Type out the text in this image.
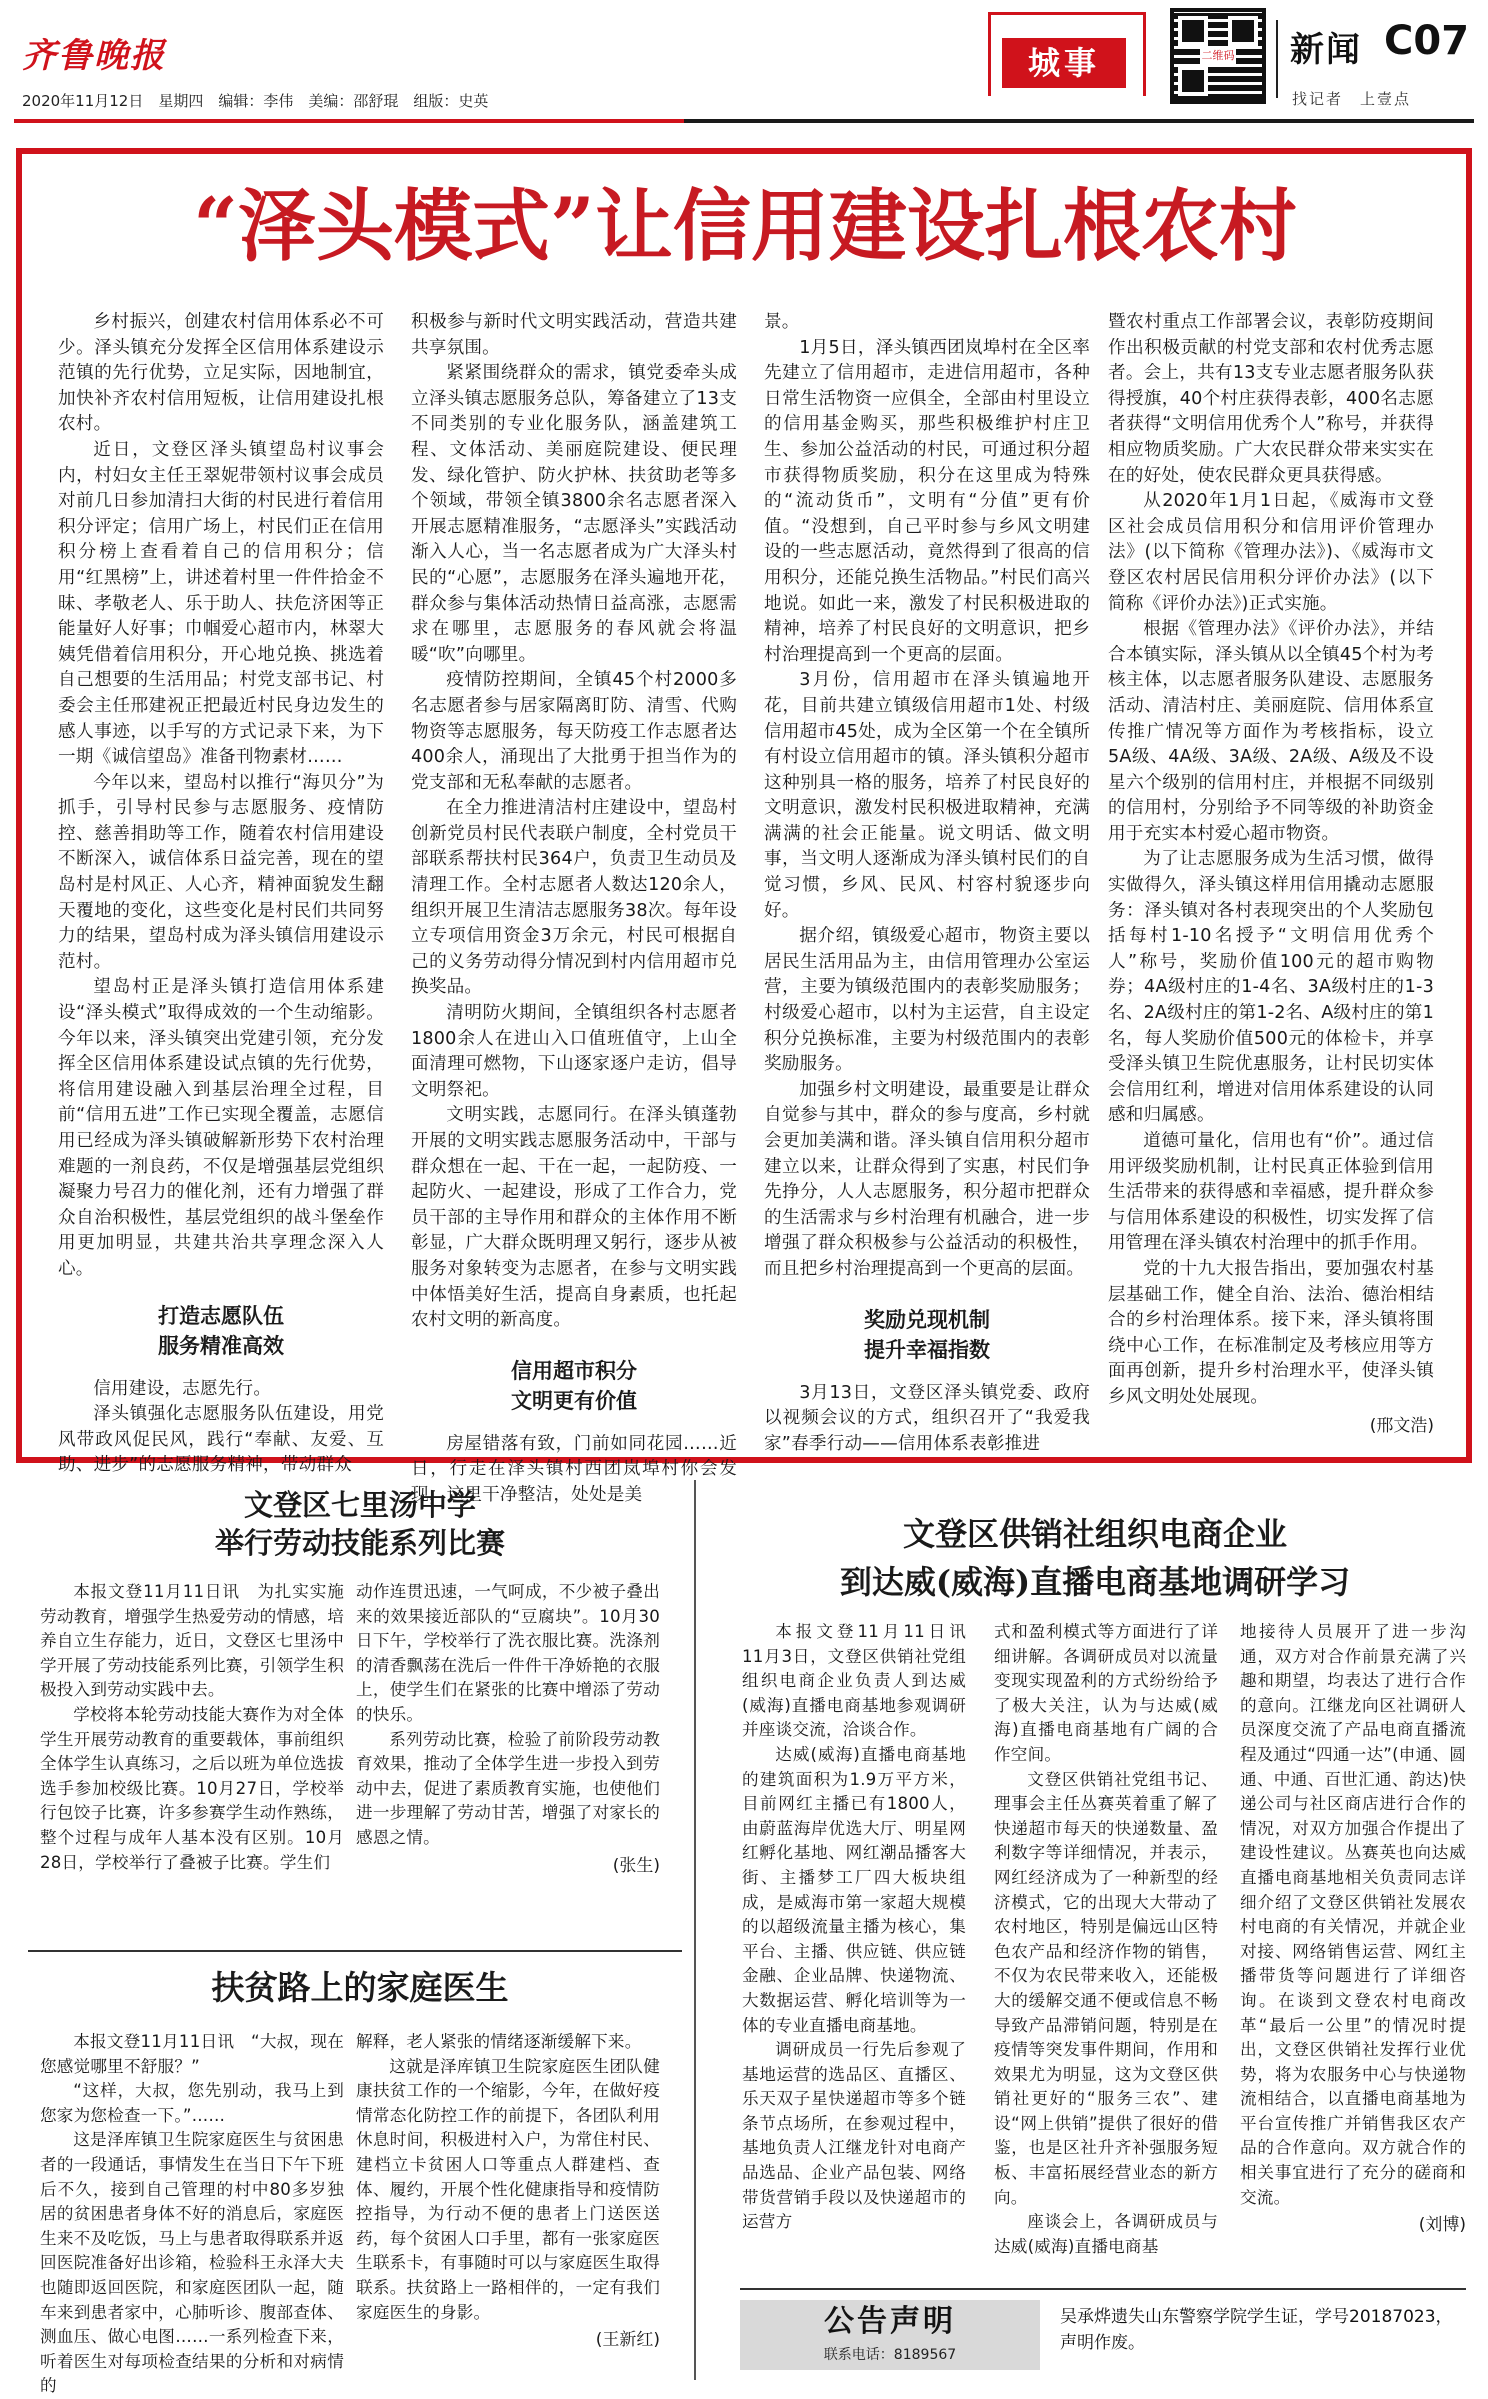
齐鲁晚报
2020年11月12日　星期四　编辑：李伟　美编：邵舒琨　组版：史英
城事	二维码 新闻 C07
找记者　上壹点
“泽头模式”让信用建设扎根农村

乡村振兴，创建农村信用体系必不可少。泽头镇充分发挥全区信用体系建设示范镇的先行优势，立足实际，因地制宜，加快补齐农村信用短板，让信用建设扎根农村。

近日，文登区泽头镇望岛村议事会内，村妇女主任王翠妮带领村议事会成员对前几日参加清扫大街的村民进行着信用积分评定；信用广场上，村民们正在信用积分榜上查看着自己的信用积分；信用“红黑榜”上，讲述着村里一件件拾金不昧、孝敬老人、乐于助人、扶危济困等正能量好人好事；巾帼爱心超市内，林翠大姨凭借着信用积分，开心地兑换、挑选着自己想要的生活用品；村党支部书记、村委会主任邢建祝正把最近村民身边发生的感人事迹，以手写的方式记录下来，为下一期《诚信望岛》准备刊物素材……

今年以来，望岛村以推行“海贝分”为抓手，引导村民参与志愿服务、疫情防控、慈善捐助等工作，随着农村信用建设不断深入，诚信体系日益完善，现在的望岛村是村风正、人心齐，精神面貌发生翻天覆地的变化，这些变化是村民们共同努力的结果，望岛村成为泽头镇信用建设示范村。

望岛村正是泽头镇打造信用体系建设“泽头模式”取得成效的一个生动缩影。今年以来，泽头镇突出党建引领，充分发挥全区信用体系建设试点镇的先行优势，将信用建设融入到基层治理全过程，目前“信用五进”工作已实现全覆盖，志愿信用已经成为泽头镇破解新形势下农村治理难题的一剂良药，不仅是增强基层党组织凝聚力号召力的催化剂，还有力增强了群众自治积极性，基层党组织的战斗堡垒作用更加明显，共建共治共享理念深入人心。

打造志愿队伍
服务精准高效

信用建设，志愿先行。

泽头镇强化志愿服务队伍建设，用党风带政风促民风，践行“奉献、友爱、互助、进步”的志愿服务精神，带动群众

积极参与新时代文明实践活动，营造共建共享氛围。

紧紧围绕群众的需求，镇党委牵头成立泽头镇志愿服务总队，筹备建立了13支不同类别的专业化服务队，涵盖建筑工程、文体活动、美丽庭院建设、便民理发、绿化管护、防火护林、扶贫助老等多个领域，带领全镇3800余名志愿者深入开展志愿精准服务，“志愿泽头”实践活动渐入人心，当一名志愿者成为广大泽头村民的“心愿”，志愿服务在泽头遍地开花，群众参与集体活动热情日益高涨，志愿需求在哪里，志愿服务的春风就会将温暖“吹”向哪里。

疫情防控期间，全镇45个村2000多名志愿者参与居家隔离盯防、清雪、代购物资等志愿服务，每天防疫工作志愿者达400余人，涌现出了大批勇于担当作为的党支部和无私奉献的志愿者。

在全力推进清洁村庄建设中，望岛村创新党员村民代表联户制度，全村党员干部联系帮扶村民364户，负责卫生动员及清理工作。全村志愿者人数达120余人，组织开展卫生清洁志愿服务38次。每年设立专项信用资金3万余元，村民可根据自己的义务劳动得分情况到村内信用超市兑换奖品。

清明防火期间，全镇组织各村志愿者1800余人在进山入口值班值守，上山全面清理可燃物，下山逐家逐户走访，倡导文明祭祀。

文明实践，志愿同行。在泽头镇蓬勃开展的文明实践志愿服务活动中，干部与群众想在一起、干在一起，一起防疫、一起防火、一起建设，形成了工作合力，党员干部的主导作用和群众的主体作用不断彰显，广大群众既明理又躬行，逐步从被服务对象转变为志愿者，在参与文明实践中体悟美好生活，提高自身素质，也托起农村文明的新高度。

信用超市积分
文明更有价值

房屋错落有致，门前如同花园……近日，行走在泽头镇村西团岚埠村你会发现，这里干净整洁，处处是美

景。

1月5日，泽头镇西团岚埠村在全区率先建立了信用超市，走进信用超市，各种日常生活物资一应俱全，全部由村里设立的信用基金购买，那些积极维护村庄卫生、参加公益活动的村民，可通过积分超市获得物质奖励，积分在这里成为特殊的“流动货币”，文明有“分值”更有价值。“没想到，自己平时参与乡风文明建设的一些志愿活动，竟然得到了很高的信用积分，还能兑换生活物品。”村民们高兴地说。如此一来，激发了村民积极进取的精神，培养了村民良好的文明意识，把乡村治理提高到一个更高的层面。

3月份，信用超市在泽头镇遍地开花，目前共建立镇级信用超市1处、村级信用超市45处，成为全区第一个在全镇所有村设立信用超市的镇。泽头镇积分超市这种别具一格的服务，培养了村民良好的文明意识，激发村民积极进取精神，充满满满的社会正能量。说文明话、做文明事，当文明人逐渐成为泽头镇村民们的自觉习惯，乡风、民风、村容村貌逐步向好。

据介绍，镇级爱心超市，物资主要以居民生活用品为主，由信用管理办公室运营，主要为镇级范围内的表彰奖励服务；村级爱心超市，以村为主运营，自主设定积分兑换标准，主要为村级范围内的表彰奖励服务。

加强乡村文明建设，最重要是让群众自觉参与其中，群众的参与度高，乡村就会更加美满和谐。泽头镇自信用积分超市建立以来，让群众得到了实惠，村民们争先挣分，人人志愿服务，积分超市把群众的生活需求与乡村治理有机融合，进一步增强了群众积极参与公益活动的积极性，而且把乡村治理提高到一个更高的层面。

奖励兑现机制
提升幸福指数

3月13日，文登区泽头镇党委、政府以视频会议的方式，组织召开了“我爱我家”春季行动——信用体系表彰推进

暨农村重点工作部署会议，表彰防疫期间作出积极贡献的村党支部和农村优秀志愿者。会上，共有13支专业志愿者服务队获得授旗，40个村庄获得表彰，400名志愿者获得“文明信用优秀个人”称号，并获得相应物质奖励。广大农民群众带来实实在在的好处，使农民群众更具获得感。

从2020年1月1日起，《威海市文登区社会成员信用积分和信用评价管理办法》(以下简称《管理办法》)、《威海市文登区农村居民信用积分评价办法》(以下简称《评价办法》)正式实施。

根据《管理办法》《评价办法》，并结合本镇实际，泽头镇从以全镇45个村为考核主体，以志愿者服务队建设、志愿服务活动、清洁村庄、美丽庭院、信用体系宣传推广情况等方面作为考核指标，设立5A级、4A级、3A级、2A级、A级及不设星六个级别的信用村庄，并根据不同级别的信用村，分别给予不同等级的补助资金用于充实本村爱心超市物资。

为了让志愿服务成为生活习惯，做得实做得久，泽头镇这样用信用撬动志愿服务：泽头镇对各村表现突出的个人奖励包括每村1-10名授予“文明信用优秀个人”称号，奖励价值100元的超市购物券；4A级村庄的1-4名、3A级村庄的1-3名、2A级村庄的第1-2名、A级村庄的第1名，每人奖励价值500元的体检卡，并享受泽头镇卫生院优惠服务，让村民切实体会信用红利，增进对信用体系建设的认同感和归属感。

道德可量化，信用也有“价”。通过信用评级奖励机制，让村民真正体验到信用生活带来的获得感和幸福感，提升群众参与信用体系建设的积极性，切实发挥了信用管理在泽头镇农村治理中的抓手作用。

党的十九大报告指出，要加强农村基层基础工作，健全自治、法治、德治相结合的乡村治理体系。接下来，泽头镇将围绕中心工作，在标准制定及考核应用等方面再创新，提升乡村治理水平，使泽头镇乡风文明处处展现。

(邢文浩)
文登区七里汤中学
举行劳动技能系列比赛

本报文登11月11日讯　为扎实实施劳动教育，增强学生热爱劳动的情感，培养自立生存能力，近日，文登区七里汤中学开展了劳动技能系列比赛，引领学生积极投入到劳动实践中去。

学校将本轮劳动技能大赛作为对全体学生开展劳动教育的重要载体，事前组织全体学生认真练习，之后以班为单位选拔选手参加校级比赛。10月27日，学校举行包饺子比赛，许多参赛学生动作熟练，整个过程与成年人基本没有区别。10月28日，学校举行了叠被子比赛。学生们

动作连贯迅速，一气呵成，不少被子叠出来的效果接近部队的“豆腐块”。10月30日下午，学校举行了洗衣服比赛。洗涤剂的清香飘荡在洗后一件件干净娇艳的衣服上，使学生们在紧张的比赛中增添了劳动的快乐。

系列劳动比赛，检验了前阶段劳动教育效果，推动了全体学生进一步投入到劳动中去，促进了素质教育实施，也使他们进一步理解了劳动甘苦，增强了对家长的感恩之情。

(张生)
扶贫路上的家庭医生

本报文登11月11日讯　“大叔，现在您感觉哪里不舒服？”

“这样，大叔，您先别动，我马上到您家为您检查一下。”……

这是泽库镇卫生院家庭医生与贫困患者的一段通话，事情发生在当日下午下班后不久，接到自己管理的村中80多岁独居的贫困患者身体不好的消息后，家庭医生来不及吃饭，马上与患者取得联系并返回医院准备好出诊箱，检验科王永泽大夫也随即返回医院，和家庭医团队一起，随车来到患者家中，心肺听诊、腹部查体、测血压、做心电图……一系列检查下来，听着医生对每项检查结果的分析和对病情的

解释，老人紧张的情绪逐渐缓解下来。

这就是泽库镇卫生院家庭医生团队健康扶贫工作的一个缩影，今年，在做好疫情常态化防控工作的前提下，各团队利用休息时间，积极进村入户，为常住村民、建档立卡贫困人口等重点人群建档、查体、履约，开展个性化健康指导和疫情防控指导，为行动不便的患者上门送医送药，每个贫困人口手里，都有一张家庭医生联系卡，有事随时可以与家庭医生取得联系。扶贫路上一路相伴的，一定有我们家庭医生的身影。

(王新红)
文登区供销社组织电商企业
到达威(威海)直播电商基地调研学习

本报文登11月11日讯　11月3日，文登区供销社党组组织电商企业负责人到达威(威海)直播电商基地参观调研并座谈交流，洽谈合作。

达威(威海)直播电商基地的建筑面积为1.9万平方米，目前网红主播已有1800人，由蔚蓝海岸优选大厅、明星网红孵化基地、网红潮品播客大街、主播梦工厂四大板块组成，是威海市第一家超大规模的以超级流量主播为核心，集平台、主播、供应链、供应链金融、企业品牌、快递物流、大数据运营、孵化培训等为一体的专业直播电商基地。

调研成员一行先后参观了基地运营的选品区、直播区、乐天双子星快递超市等多个链条节点场所，在参观过程中，基地负责人江继龙针对电商产品选品、企业产品包装、网络带货营销手段以及快递超市的运营方

式和盈利模式等方面进行了详细讲解。各调研成员对以流量变现实现盈利的方式纷纷给予了极大关注，认为与达威(威海)直播电商基地有广阔的合作空间。

文登区供销社党组书记、理事会主任丛赛英着重了解了快递超市每天的快递数量、盈利数字等详细情况，并表示，网红经济成为了一种新型的经济模式，它的出现大大带动了农村地区，特别是偏远山区特色农产品和经济作物的销售，不仅为农民带来收入，还能极大的缓解交通不便或信息不畅导致产品滞销问题，特别是在疫情等突发事件期间，作用和效果尤为明显，这为文登区供销社更好的“服务三农”、建设“网上供销”提供了很好的借鉴，也是区社升齐补强服务短板、丰富拓展经营业态的新方向。

座谈会上，各调研成员与达威(威海)直播电商基

地接待人员展开了进一步沟通，双方对合作前景充满了兴趣和期望，均表达了进行合作的意向。江继龙向区社调研人员深度交流了产品电商直播流程及通过“四通一达”(申通、圆通、中通、百世汇通、韵达)快递公司与社区商店进行合作的情况，对双方加强合作提出了建设性建议。丛赛英也向达威直播电商基地相关负责同志详细介绍了文登区供销社发展农村电商的有关情况，并就企业对接、网络销售运营、网红主播带货等问题进行了详细咨询。在谈到文登农村电商改革“最后一公里”的情况时提出，文登区供销社发挥行业优势，将为农服务中心与快递物流相结合，以直播电商基地为平台宣传推广并销售我区农产品的合作意向。双方就合作的相关事宜进行了充分的磋商和交流。

(刘博)
公告声明
联系电话：8189567
吴承烨遗失山东警察学院学生证，学号20187023，声明作废。
